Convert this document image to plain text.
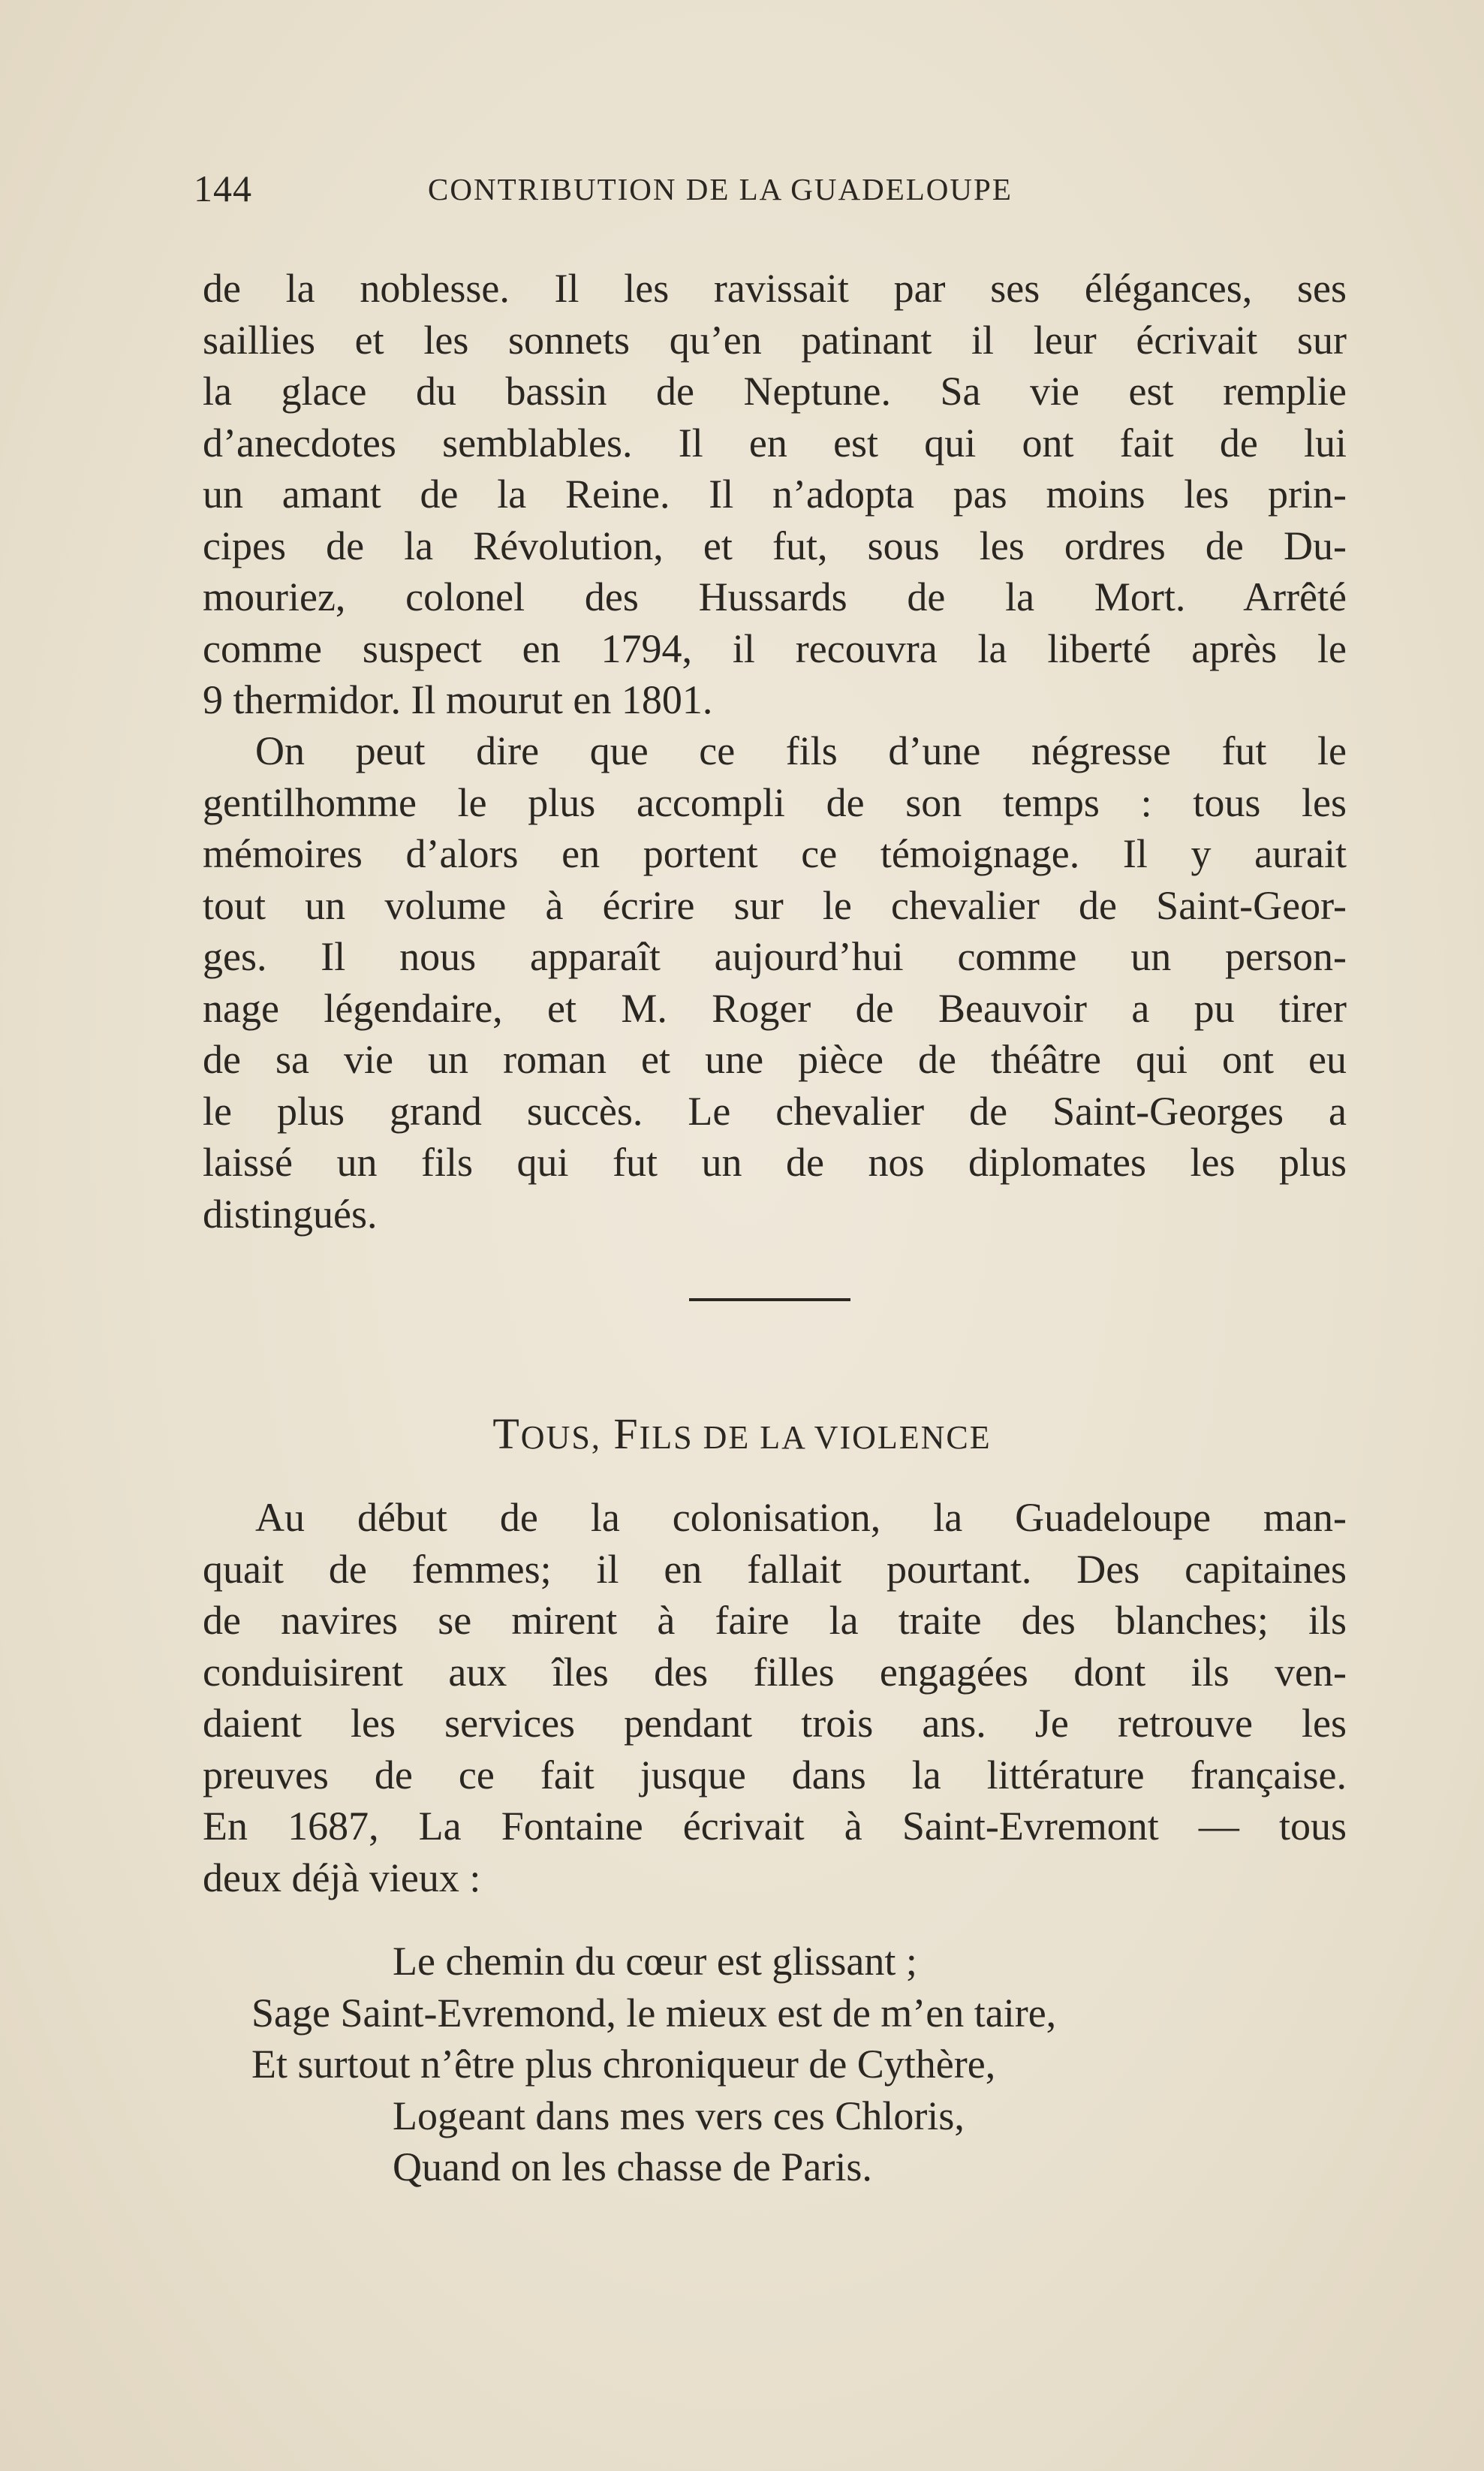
144	CONTRIBUTION DE LA GUADELOUPE
de la noblesse. Il les ravissait par ses élégances, ses
saillies et les sonnets qu’en patinant il leur écrivait sur
la glace du bassin de Neptune. Sa vie est remplie
d’anecdotes semblables. Il en est qui ont fait de lui
un amant de la Reine. Il n’adopta pas moins les prin-
cipes de la Révolution, et fut, sous les ordres de Du-
mouriez, colonel des Hussards de la Mort. Arrêté
comme suspect en 1794, il recouvra la liberté après le
9 thermidor. Il mourut en 1801.
On peut dire que ce fils d’une négresse fut le
gentilhomme le plus accompli de son temps : tous les
mémoires d’alors en portent ce témoignage. Il y aurait
tout un volume à écrire sur le chevalier de Saint-Geor-
ges. Il nous apparaît aujourd’hui comme un person-
nage légendaire, et M. Roger de Beauvoir a pu tirer
de sa vie un roman et une pièce de théâtre qui ont eu
le plus grand succès. Le chevalier de Saint-Georges a
laissé un fils qui fut un de nos diplomates les plus
distingués.
TOUS, FILS DE LA VIOLENCE
Au début de la colonisation, la Guadeloupe man-
quait de femmes; il en fallait pourtant. Des capitaines
de navires se mirent à faire la traite des blanches; ils
conduisirent aux îles des filles engagées dont ils ven-
daient les services pendant trois ans. Je retrouve les
preuves de ce fait jusque dans la littérature française.
En 1687, La Fontaine écrivait à Saint-Evremont — tous
deux déjà vieux :
Le chemin du cœur est glissant ;
Sage Saint-Evremond, le mieux est de m’en taire,
Et surtout n’être plus chroniqueur de Cythère,
Logeant dans mes vers ces Chloris,
Quand on les chasse de Paris.
